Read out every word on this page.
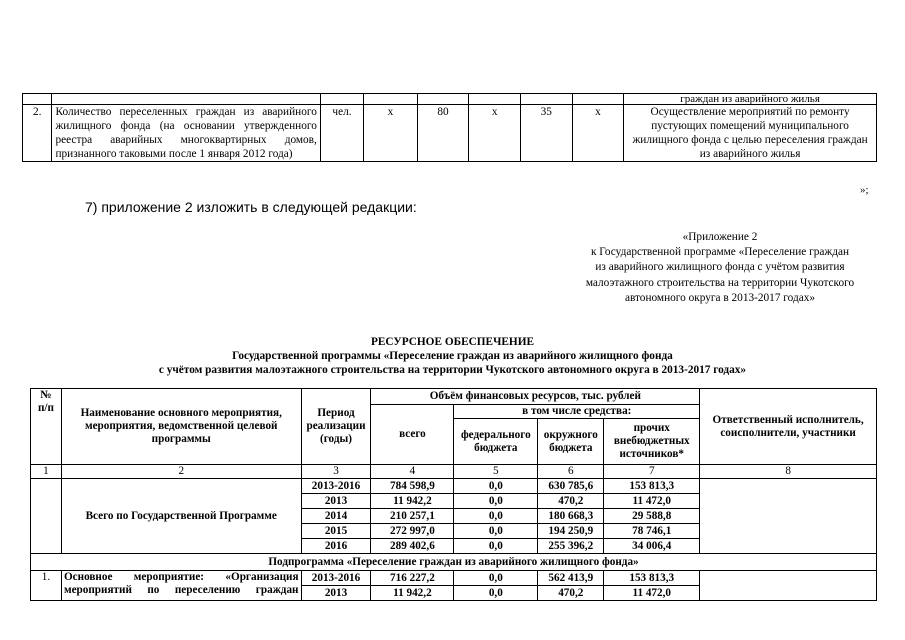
								граждан из аварийного жилья
2.	Количество переселенных граждан из аварийного жилищного фонда (на основании утвержденного реестра аварийных многоквартирных домов, признанного таковыми после 1 января 2012 года)	чел.	х	80	х	35	х	Осуществление мероприятий по ремонту пустующих помещений муниципального жилищного фонда с целью переселения граждан из аварийного жилья
»;
7) приложение 2 изложить в следующей редакции:
«Приложение 2
к Государственной программе «Переселение граждан
из аварийного жилищного фонда с учётом развития
малоэтажного строительства на территории Чукотского
автономного округа в 2013-2017 годах»
РЕСУРСНОЕ ОБЕСПЕЧЕНИЕ
Государственной программы «Переселение граждан из аварийного жилищного фонда
с учётом развития малоэтажного строительства на территории Чукотского автономного округа в 2013-2017 годах»
№
п/п	Наименование основного мероприятия, мероприятия, ведомственной целевой программы	Период реализации (годы)	Объём финансовых ресурсов, тыс. рублей				Ответственный исполнитель, соисполнители, участники
			всего	в том числе средства:			
				федерального бюджета	окружного бюджета	прочих внебюджетных источников*	
1	2	3	4	5	6	7	8
	Всего по Государственной Программе	2013-2016	784 598,9	0,0	630 785,6	153 813,3	
		2013	11 942,2	0,0	470,2	11 472,0	
		2014	210 257,1	0,0	180 668,3	29 588,8	
		2015	272 997,0	0,0	194 250,9	78 746,1	
		2016	289 402,6	0,0	255 396,2	34 006,4	
Подпрограмма «Переселение граждан из аварийного жилищного фонда»							
1.	Основное мероприятие: «Организация
мероприятий по переселению граждан	2013-2016	716 227,2	0,0	562 413,9	153 813,3	
		2013	11 942,2	0,0	470,2	11 472,0	
